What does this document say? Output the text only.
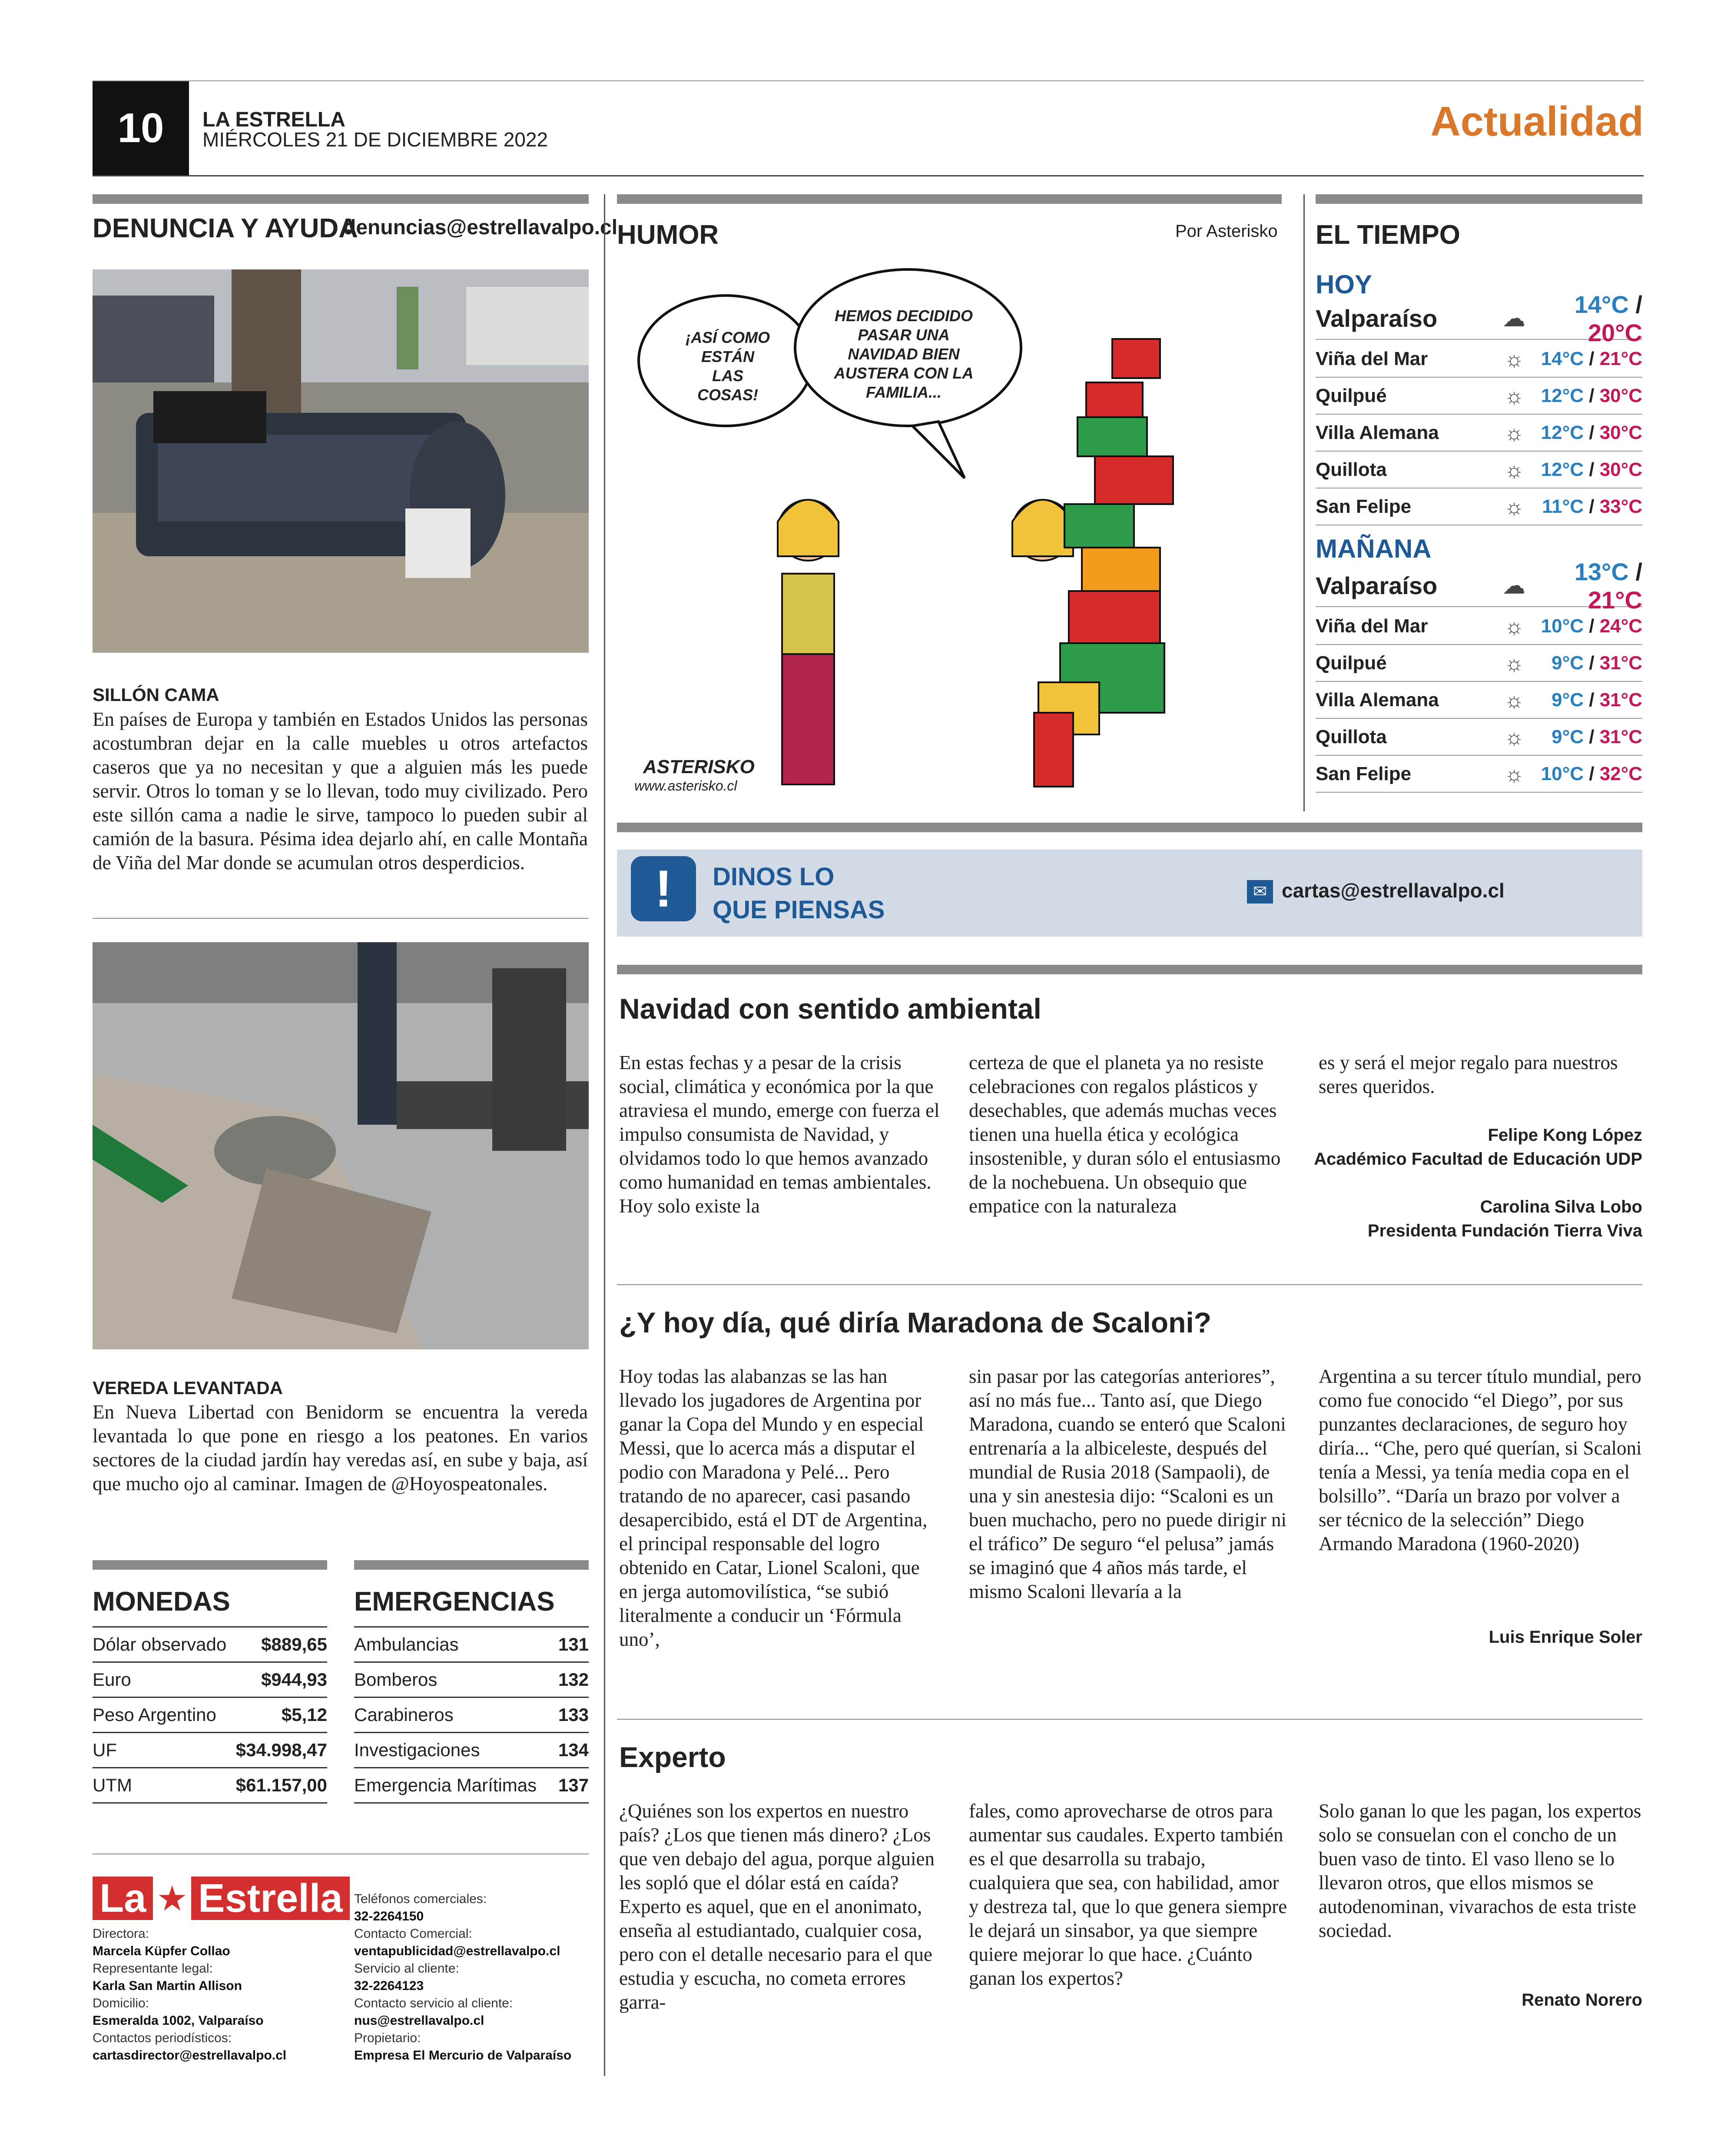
10	LA ESTRELLA
MIÉRCOLES 21 DE DICIEMBRE 2022	Actualidad
DENUNCIA Y AYUDA
denuncias@estrellavalpo.cl
SILLÓN CAMA
En países de Europa y también en Estados Unidos las personas acostumbran dejar en la calle muebles u otros artefactos caseros que ya no necesitan y que a alguien más les puede servir. Otros lo toman y se lo llevan, todo muy civilizado. Pero este sillón cama a nadie le sirve, tampoco lo pueden subir al camión de la basura. Pésima idea dejarlo ahí, en calle Montaña de Viña del Mar donde se acumulan otros desperdicios.
VEREDA LEVANTADA
En Nueva Libertad con Benidorm se encuentra la vereda levantada lo que pone en riesgo a los peatones. En varios sectores de la ciudad jardín hay veredas así, en sube y baja, así que mucho ojo al caminar. Imagen de @Hoyospeatonales.
MONEDAS
Dólar observado $889,65
Euro	$944,93
Peso Argentino	$5,12
UF	$34.998,47
UTM	$61.157,00
EMERGENCIAS
Ambulancias	131
Bomberos	132
Carabineros	133
Investigaciones	134
Emergencia Marítimas 137
La ★ Estrella
Directora:
Marcela Küpfer Collao
Representante legal:
Karla San Martin Allison
Domicilio:
Esmeralda 1002, Valparaíso
Contactos periodísticos:
cartasdirector@estrellavalpo.cl
Teléfonos comerciales:
32-2264150
Contacto Comercial:
ventapublicidad@estrellavalpo.cl
Servicio al cliente:
32-2264123
Contacto servicio al cliente:
nus@estrellavalpo.cl
Propietario:
Empresa El Mercurio de Valparaíso
HUMOR	Por Asterisko
¡ASÍ COMO ESTÁN LAS COSAS!
HEMOS DECIDIDO PASAR UNA NAVIDAD BIEN AUSTERA CON LA FAMILIA...
ASTERISKO
www.asterisko.cl
EL TIEMPO
HOY
Valparaíso	☁
14°C / 20°C
Viña del Mar	☼ 14°C / 21°C
Quilpué	☼ 12°C / 30°C
Villa Alemana	☼ 12°C / 30°C
Quillota	☼ 12°C / 30°C
San Felipe	☼ 11°C / 33°C
MAÑANA
Valparaíso	☁
13°C / 21°C
Viña del Mar	☼ 10°C / 24°C
Quilpué	☼	9°C / 31°C
Villa Alemana	☼	9°C / 31°C
Quillota	☼	9°C / 31°C
San Felipe	☼ 10°C / 32°C
!	DINOS LO
QUE PIENSAS
✉ cartas@estrellavalpo.cl
Navidad con sentido ambiental
En estas fechas y a pesar de la crisis social, climática y económica por la que atraviesa el mundo, emerge con fuerza el impulso consumista de Navidad, y olvidamos todo lo que hemos avanzado como humanidad en temas ambientales. Hoy solo existe la
certeza de que el planeta ya no resiste celebraciones con regalos plásticos y desechables, que además muchas veces tienen una huella ética y ecológica insostenible, y duran sólo el entusiasmo de la nochebuena. Un obsequio que empatice con la naturaleza
es y será el mejor regalo para nuestros seres queridos.
Felipe Kong López
Académico Facultad de Educación UDP
Carolina Silva Lobo
Presidenta Fundación Tierra Viva
¿Y hoy día, qué diría Maradona de Scaloni?
Hoy todas las alabanzas se las han llevado los jugadores de Argentina por ganar la Copa del Mundo y en especial Messi, que lo acerca más a disputar el podio con Maradona y Pelé... Pero tratando de no aparecer, casi pasando desapercibido, está el DT de Argentina, el principal responsable del logro obtenido en Catar, Lionel Scaloni, que en jerga automovilística, “se subió literalmente a conducir un ‘Fórmula uno’,
sin pasar por las categorías anteriores”, así no más fue... Tanto así, que Diego Maradona, cuando se enteró que Scaloni entrenaría a la albiceleste, después del mundial de Rusia 2018 (Sampaoli), de una y sin anestesia dijo: “Scaloni es un buen muchacho, pero no puede dirigir ni el tráfico” De seguro “el pelusa” jamás se imaginó que 4 años más tarde, el mismo Scaloni llevaría a la
Argentina a su tercer título mundial, pero como fue conocido “el Diego”, por sus punzantes declaraciones, de seguro hoy diría... “Che, pero qué querían, si Scaloni tenía a Messi, ya tenía media copa en el bolsillo”. “Daría un brazo por volver a ser técnico de la selección” Diego Armando Maradona (1960-2020)
Luis Enrique Soler
Experto
¿Quiénes son los expertos en nuestro país? ¿Los que tienen más dinero? ¿Los que ven debajo del agua, porque alguien les sopló que el dólar está en caída? Experto es aquel, que en el anonimato, enseña al estudiantado, cualquier cosa, pero con el detalle necesario para el que estudia y escucha, no cometa errores garra-
fales, como aprovecharse de otros para aumentar sus caudales. Experto también es el que desarrolla su trabajo, cualquiera que sea, con habilidad, amor y destreza tal, que lo que genera siempre le dejará un sinsabor, ya que siempre quiere mejorar lo que hace. ¿Cuánto ganan los expertos?
Solo ganan lo que les pagan, los expertos solo se consuelan con el concho de un buen vaso de tinto. El vaso lleno se lo llevaron otros, que ellos mismos se autodenominan, vivarachos de esta triste sociedad.
Renato Norero
